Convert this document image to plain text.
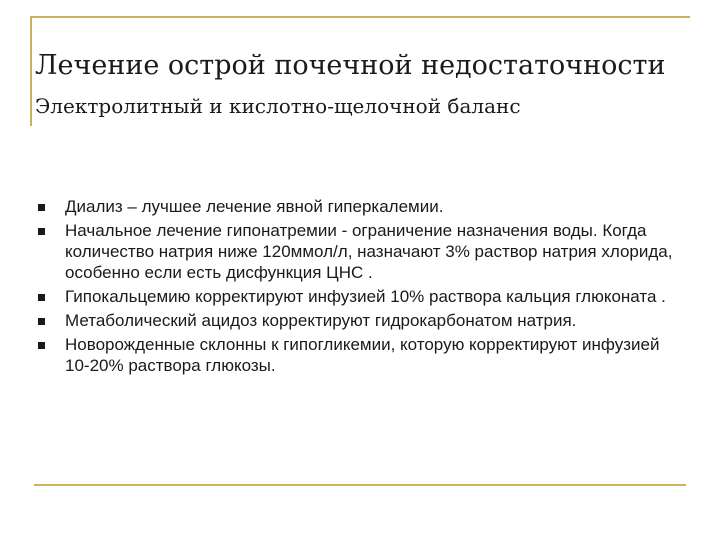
Лечение острой почечной недостаточности
Электролитный и кислотно-щелочной баланс
Диализ – лучшее лечение явной гиперкалемии.
Начальное лечение гипонатремии - ограничение назначения воды. Когда количество натрия ниже 120ммол/л, назначают 3% раствор натрия хлорида, особенно если есть дисфункция ЦНС .
Гипокальцемию корректируют инфузией 10% раствора кальция глюконата .
Метаболический ацидоз корректируют гидрокарбонатом натрия.
Новорожденные склонны к гипогликемии, которую корректируют инфузией 10-20% раствора глюкозы.
